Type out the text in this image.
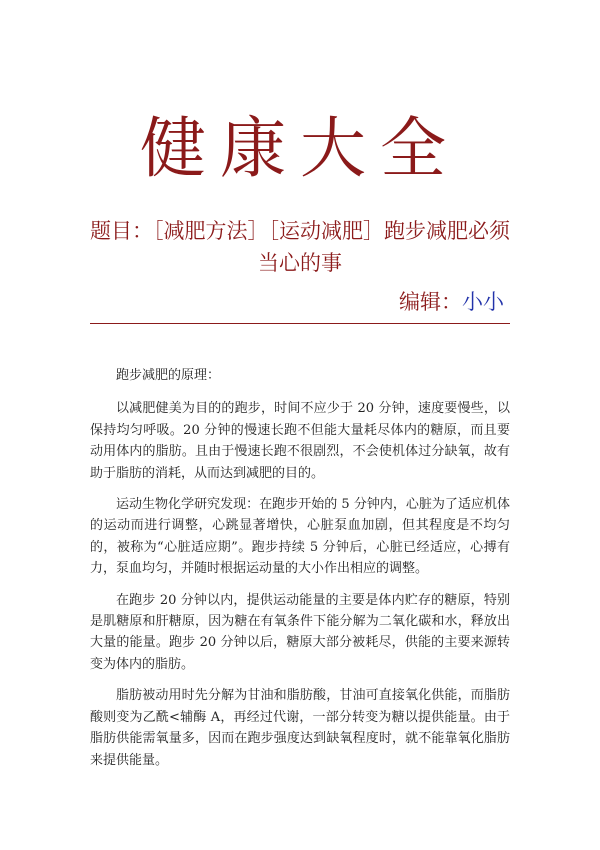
健康大全
题目：［减肥方法］［运动减肥］跑步减肥必须当心的事
编辑：小小

跑步减肥的原理：

以减肥健美为目的的跑步，时间不应少于 20 分钟，速度要慢些，以保持均匀呼吸。20 分钟的慢速长跑不但能大量耗尽体内的糖原，而且要动用体内的脂肪。且由于慢速长跑不很剧烈，不会使机体过分缺氧，故有助于脂肪的消耗，从而达到减肥的目的。

运动生物化学研究发现：在跑步开始的 5 分钟内，心脏为了适应机体的运动而进行调整，心跳显著增快，心脏泵血加剧，但其程度是不均匀的，被称为“心脏适应期”。跑步持续 5 分钟后，心脏已经适应，心搏有力，泵血均匀，并随时根据运动量的大小作出相应的调整。

在跑步 20 分钟以内，提供运动能量的主要是体内贮存的糖原，特别是肌糖原和肝糖原，因为糖在有氧条件下能分解为二氧化碳和水，释放出大量的能量。跑步 20 分钟以后，糖原大部分被耗尽，供能的主要来源转变为体内的脂肪。

脂肪被动用时先分解为甘油和脂肪酸，甘油可直接氧化供能，而脂肪酸则变为乙酰<辅酶 A，再经过代谢，一部分转变为糖以提供能量。由于脂肪供能需氧量多，因而在跑步强度达到缺氧程度时，就不能靠氧化脂肪来提供能量。
